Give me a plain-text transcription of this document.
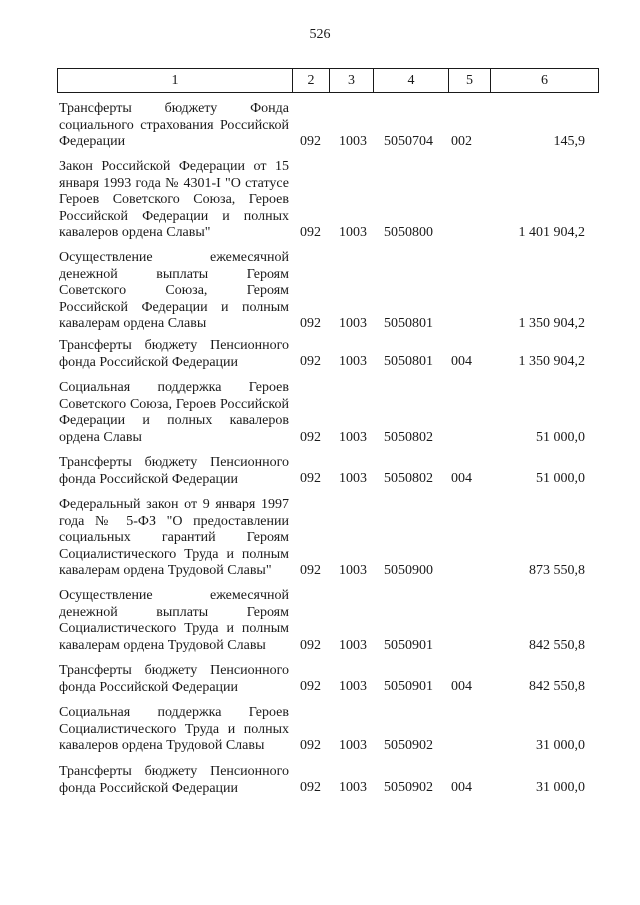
526
1	2	3	4	5	6
Трансферты бюджету Фонда социального страхования Российской Федерации	092 1003 5050704 002	145,9
Закон Российской Федерации от 15 января 1993 года № 4301-I "О статусе Героев Советского Союза, Героев Российской Федерации и полных кавалеров ордена Славы"	092 1003 5050800	1 401 904,2
Осуществление ежемесячной денежной выплаты Героям Советского Союза, Героям Российской Федерации и полным кавалерам ордена Славы	092 1003 5050801	1 350 904,2
Трансферты бюджету Пенсионного фонда Российской Федерации	092 1003 5050801 004	1 350 904,2
Социальная поддержка Героев Советского Союза, Героев Российской Федерации и полных кавалеров ордена Славы	092 1003 5050802	51 000,0
Трансферты бюджету Пенсионного фонда Российской Федерации	092 1003 5050802 004	51 000,0
Федеральный закон от 9 января 1997 года № 5-ФЗ "О предоставлении социальных гарантий Героям Социалистического Труда и полным кавалерам ордена Трудовой Славы"	092 1003 5050900	873 550,8
Осуществление ежемесячной денежной выплаты Героям Социалистического Труда и полным кавалерам ордена Трудовой Славы	092 1003 5050901	842 550,8
Трансферты бюджету Пенсионного фонда Российской Федерации	092 1003 5050901 004	842 550,8
Социальная поддержка Героев Социалистического Труда и полных кавалеров ордена Трудовой Славы	092 1003 5050902	31 000,0
Трансферты бюджету Пенсионного фонда Российской Федерации	092 1003 5050902 004	31 000,0
